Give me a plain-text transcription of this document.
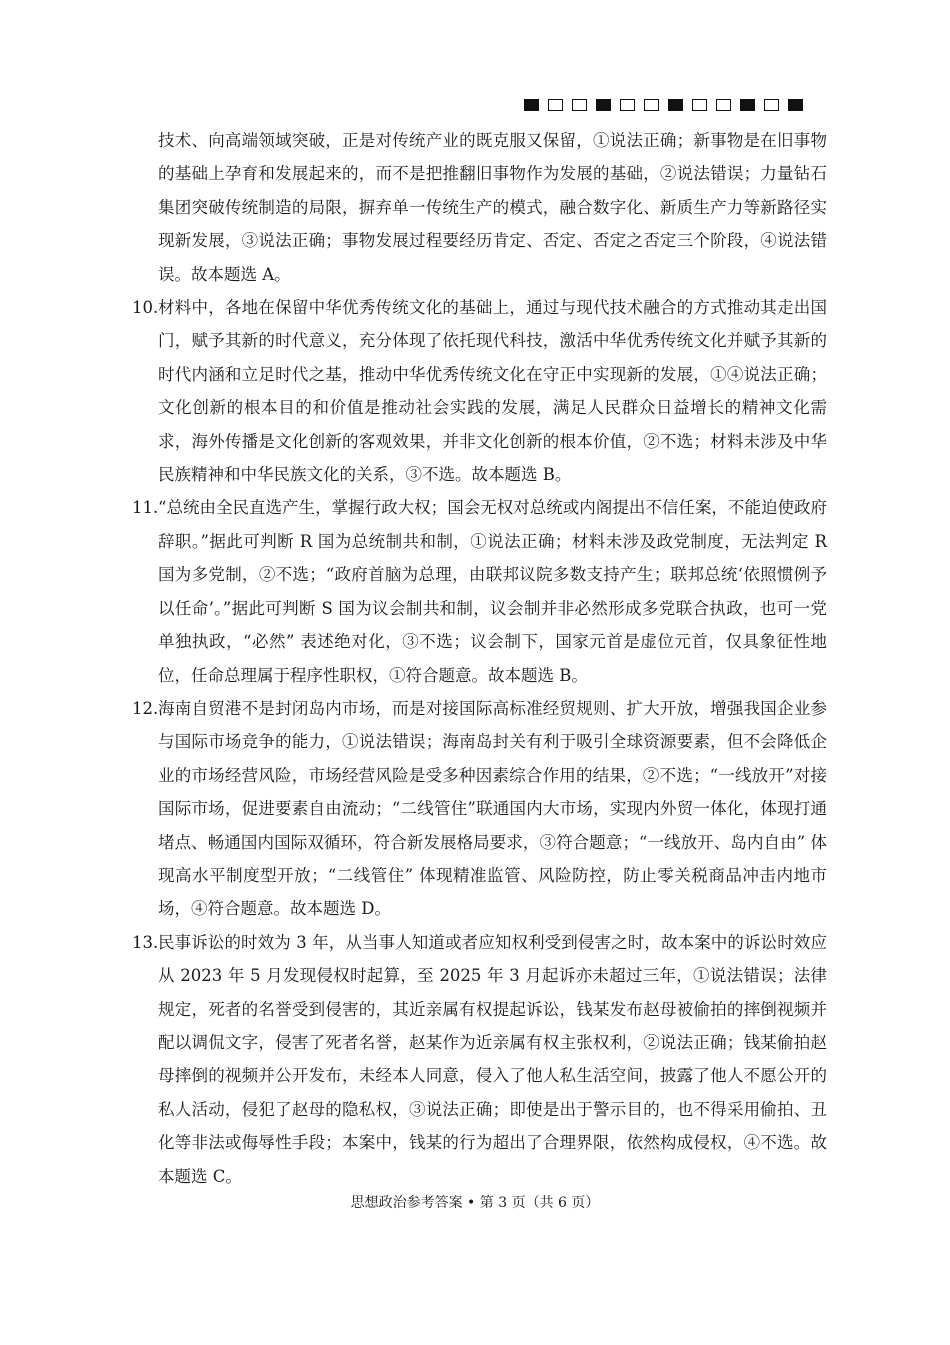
技术、向高端领域突破，正是对传统产业的既克服又保留，①说法正确；新事物是在旧事物的基础上孕育和发展起来的，而不是把推翻旧事物作为发展的基础，②说法错误；力量钻石集团突破传统制造的局限，摒弃单一传统生产的模式，融合数字化、新质生产力等新路径实现新发展，③说法正确；事物发展过程要经历肯定、否定、否定之否定三个阶段，④说法错误。故本题选 A。

10. 材料中，各地在保留中华优秀传统文化的基础上，通过与现代技术融合的方式推动其走出国门，赋予其新的时代意义，充分体现了依托现代科技，激活中华优秀传统文化并赋予其新的时代内涵和立足时代之基，推动中华优秀传统文化在守正中实现新的发展，①④说法正确；文化创新的根本目的和价值是推动社会实践的发展，满足人民群众日益增长的精神文化需求，海外传播是文化创新的客观效果，并非文化创新的根本价值，②不选；材料未涉及中华民族精神和中华民族文化的关系，③不选。故本题选 B。

11. “总统由全民直选产生，掌握行政大权；国会无权对总统或内阁提出不信任案，不能迫使政府辞职。”据此可判断 R 国为总统制共和制，①说法正确；材料未涉及政党制度，无法判定 R 国为多党制，②不选；“政府首脑为总理，由联邦议院多数支持产生；联邦总统‘依照惯例予以任命’。”据此可判断 S 国为议会制共和制，议会制并非必然形成多党联合执政，也可一党单独执政，“必然” 表述绝对化，③不选；议会制下，国家元首是虚位元首，仅具象征性地位，任命总理属于程序性职权，①符合题意。故本题选 B。

12. 海南自贸港不是封闭岛内市场，而是对接国际高标准经贸规则、扩大开放，增强我国企业参与国际市场竞争的能力，①说法错误；海南岛封关有利于吸引全球资源要素，但不会降低企业的市场经营风险，市场经营风险是受多种因素综合作用的结果，②不选；“一线放开”对接国际市场，促进要素自由流动；“二线管住”联通国内大市场，实现内外贸一体化，体现打通堵点、畅通国内国际双循环，符合新发展格局要求，③符合题意；“一线放开、岛内自由” 体现高水平制度型开放；“二线管住” 体现精准监管、风险防控，防止零关税商品冲击内地市场，④符合题意。故本题选 D。

13. 民事诉讼的时效为 3 年，从当事人知道或者应知权利受到侵害之时，故本案中的诉讼时效应从 2023 年 5 月发现侵权时起算，至 2025 年 3 月起诉亦未超过三年，①说法错误；法律规定，死者的名誉受到侵害的，其近亲属有权提起诉讼，钱某发布赵母被偷拍的摔倒视频并配以调侃文字，侵害了死者名誉，赵某作为近亲属有权主张权利，②说法正确；钱某偷拍赵母摔倒的视频并公开发布，未经本人同意，侵入了他人私生活空间，披露了他人不愿公开的私人活动，侵犯了赵母的隐私权，③说法正确；即使是出于警示目的，也不得采用偷拍、丑化等非法或侮辱性手段；本案中，钱某的行为超出了合理界限，依然构成侵权，④不选。故本题选 C。

思想政治参考答案 • 第 3 页（共 6 页）
